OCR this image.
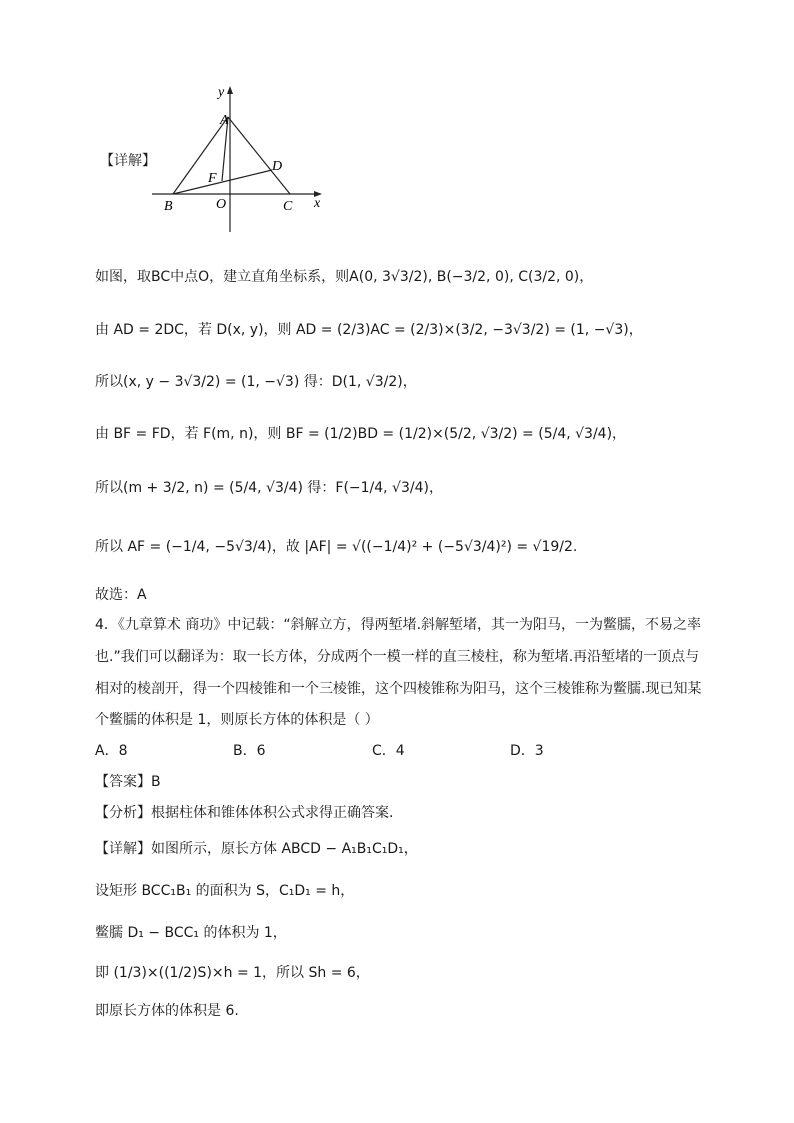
【详解】
y
A
D
F
B	O	C x
如图，取BC中点O，建立直角坐标系，则A(0, 3√3/2), B(−3/2, 0), C(3/2, 0)，
由 AD = 2DC，若 D(x, y)，则 AD = (2/3)AC = (2/3)×(3/2, −3√3/2) = (1, −√3)，
所以(x, y − 3√3/2) = (1, −√3) 得：D(1, √3/2)，
由 BF = FD，若 F(m, n)，则 BF = (1/2)BD = (1/2)×(5/2, √3/2) = (5/4, √3/4)，
所以(m + 3/2, n) = (5/4, √3/4) 得：F(−1/4, √3/4)，
所以 AF = (−1/4, −5√3/4)，故 |AF| = √((−1/4)² + (−5√3/4)²) = √19/2.
故选：A
4．《九章算术 商功》中记载：“斜解立方，得两堑堵.斜解堑堵，其一为阳马，一为鳖臑，不易之率
也.”我们可以翻译为：取一长方体，分成两个一模一样的直三棱柱，称为堑堵.再沿堑堵的一顶点与
相对的棱剖开，得一个四棱锥和一个三棱锥，这个四棱锥称为阳马，这个三棱锥称为鳖臑.现已知某
个鳖臑的体积是 1，则原长方体的体积是（ ）
A．8	B．6	C．4	D．3
【答案】B
【分析】根据柱体和锥体体积公式求得正确答案.
【详解】如图所示，原长方体 ABCD − A₁B₁C₁D₁，
设矩形 BCC₁B₁ 的面积为 S，C₁D₁ = h，
鳖臑 D₁ − BCC₁ 的体积为 1，
即 (1/3)×((1/2)S)×h = 1，所以 Sh = 6，
即原长方体的体积是 6.
